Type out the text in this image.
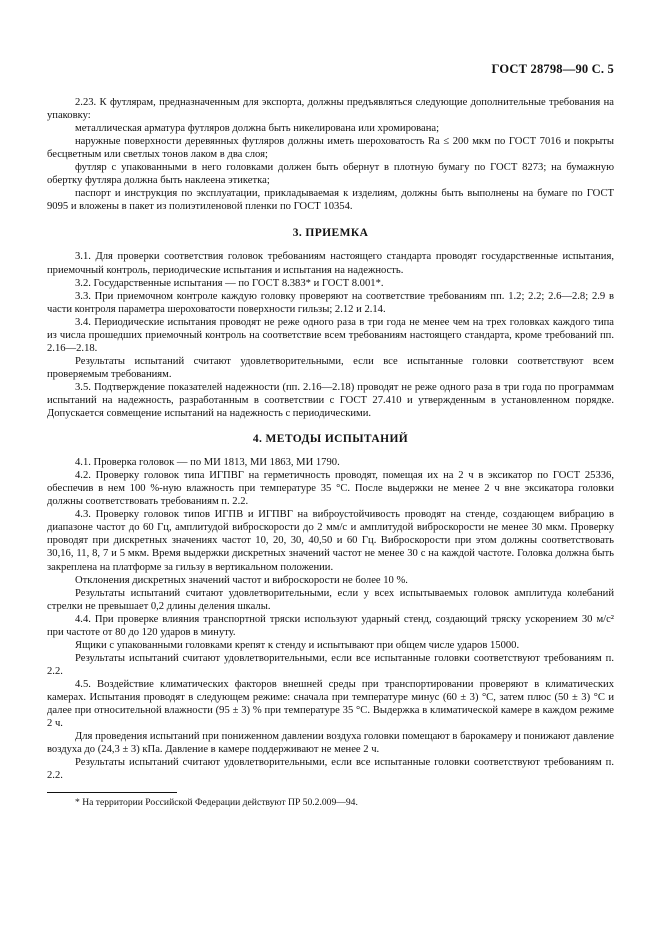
ГОСТ 28798—90 С. 5

2.23. К футлярам, предназначенным для экспорта, должны предъявляться следующие дополнительные требования на упаковку:

металлическая арматура футляров должна быть никелирована или хромирована;

наружные поверхности деревянных футляров должны иметь шероховатость Ra ≤ 200 мкм по ГОСТ 7016 и покрыты бесцветным или светлых тонов лаком в два слоя;

футляр с упакованными в него головками должен быть обернут в плотную бумагу по ГОСТ 8273; на бумажную обертку футляра должна быть наклеена этикетка;

паспорт и инструкция по эксплуатации, прикладываемая к изделиям, должны быть выполнены на бумаге по ГОСТ 9095 и вложены в пакет из полиэтиленовой пленки по ГОСТ 10354.

3. ПРИЕМКА

3.1. Для проверки соответствия головок требованиям настоящего стандарта проводят государственные испытания, приемочный контроль, периодические испытания и испытания на надежность.

3.2. Государственные испытания — по ГОСТ 8.383* и ГОСТ 8.001*.

3.3. При приемочном контроле каждую головку проверяют на соответствие требованиям пп. 1.2; 2.2; 2.6—2.8; 2.9 в части контроля параметра шероховатости поверхности гильзы; 2.12 и 2.14.

3.4. Периодические испытания проводят не реже одного раза в три года не менее чем на трех головках каждого типа из числа прошедших приемочный контроль на соответствие всем требованиям настоящего стандарта, кроме требований пп. 2.16—2.18.

Результаты испытаний считают удовлетворительными, если все испытанные головки соответствуют всем проверяемым требованиям.

3.5. Подтверждение показателей надежности (пп. 2.16—2.18) проводят не реже одного раза в три года по программам испытаний на надежность, разработанным в соответствии с ГОСТ 27.410 и утвержденным в установленном порядке. Допускается совмещение испытаний на надежность с периодическими.

4. МЕТОДЫ ИСПЫТАНИЙ

4.1. Проверка головок — по МИ 1813, МИ 1863, МИ 1790.

4.2. Проверку головок типа ИГПВГ на герметичность проводят, помещая их на 2 ч в эксикатор по ГОСТ 25336, обеспечив в нем 100 %-ную влажность при температуре 35 °С. После выдержки не менее 2 ч вне эксикатора головки должны соответствовать требованиям п. 2.2.

4.3. Проверку головок типов ИГПВ и ИГПВГ на виброустойчивость проводят на стенде, создающем вибрацию в диапазоне частот до 60 Гц, амплитудой виброскорости до 2 мм/с и амплитудой виброскорости не менее 30 мкм. Проверку проводят при дискретных значениях частот 10, 20, 30, 40,50 и 60 Гц. Виброскорости при этом должны соответствовать 30,16, 11, 8, 7 и 5 мкм. Время выдержки дискретных значений частот не менее 30 с на каждой частоте. Головка должна быть закреплена на платформе за гильзу в вертикальном положении.

Отклонения дискретных значений частот и виброскорости не более 10 %.

Результаты испытаний считают удовлетворительными, если у всех испытываемых головок амплитуда колебаний стрелки не превышает 0,2 длины деления шкалы.

4.4. При проверке влияния транспортной тряски используют ударный стенд, создающий тряску ускорением 30 м/с² при частоте от 80 до 120 ударов в минуту.

Ящики с упакованными головками крепят к стенду и испытывают при общем числе ударов 15000.

Результаты испытаний считают удовлетворительными, если все испытанные головки соответствуют требованиям п. 2.2.

4.5. Воздействие климатических факторов внешней среды при транспортировании проверяют в климатических камерах. Испытания проводят в следующем режиме: сначала при температуре минус (60 ± 3) °С, затем плюс (50 ± 3) °С и далее при относительной влажности (95 ± 3) % при температуре 35 °С. Выдержка в климатической камере в каждом режиме 2 ч.

Для проведения испытаний при пониженном давлении воздуха головки помещают в барокамеру и понижают давление воздуха до (24,3 ± 3) кПа. Давление в камере поддерживают не менее 2 ч.

Результаты испытаний считают удовлетворительными, если все испытанные головки соответствуют требованиям п. 2.2.

* На территории Российской Федерации действуют ПР 50.2.009—94.
